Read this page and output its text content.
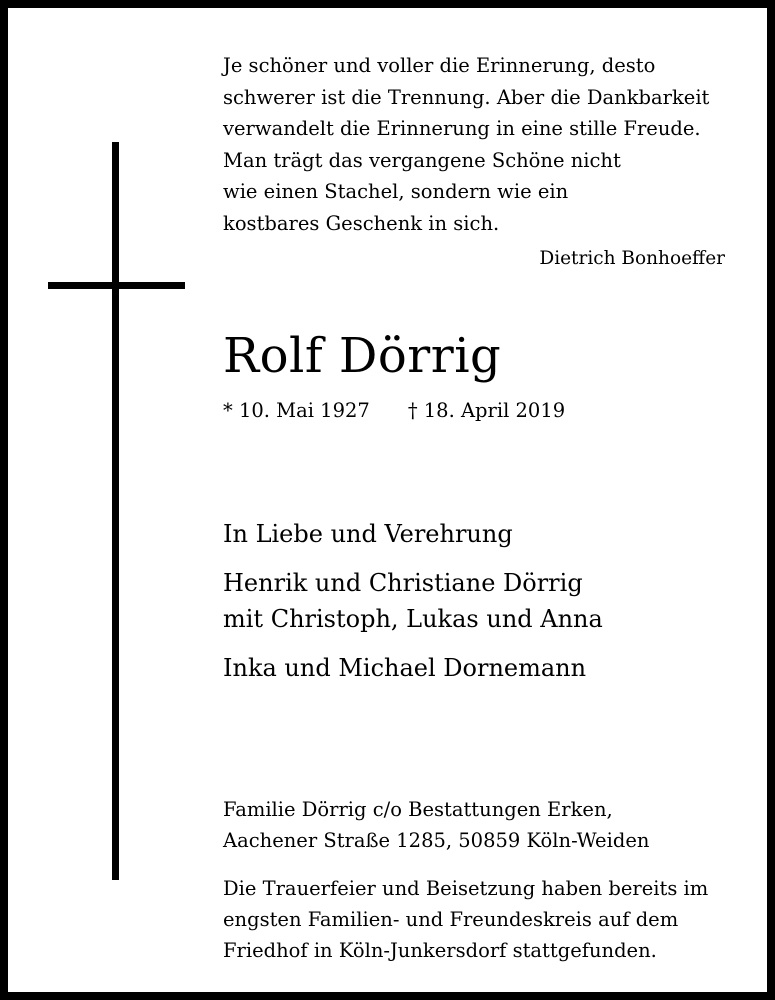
Je schöner und voller die Erinnerung, desto
schwerer ist die Trennung. Aber die Dankbarkeit
verwandelt die Erinnerung in eine stille Freude.
Man trägt das vergangene Schöne nicht
wie einen Stachel, sondern wie ein
kostbares Geschenk in sich.
Dietrich Bonhoeffer
Rolf Dörrig
* 10. Mai 1927 † 18. April 2019
In Liebe und Verehrung
Henrik und Christiane Dörrig
mit Christoph, Lukas und Anna
Inka und Michael Dornemann
Familie Dörrig c/o Bestattungen Erken,
Aachener Straße 1285, 50859 Köln-Weiden
Die Trauerfeier und Beisetzung haben bereits im
engsten Familien- und Freundeskreis auf dem
Friedhof in Köln-Junkersdorf stattgefunden.
